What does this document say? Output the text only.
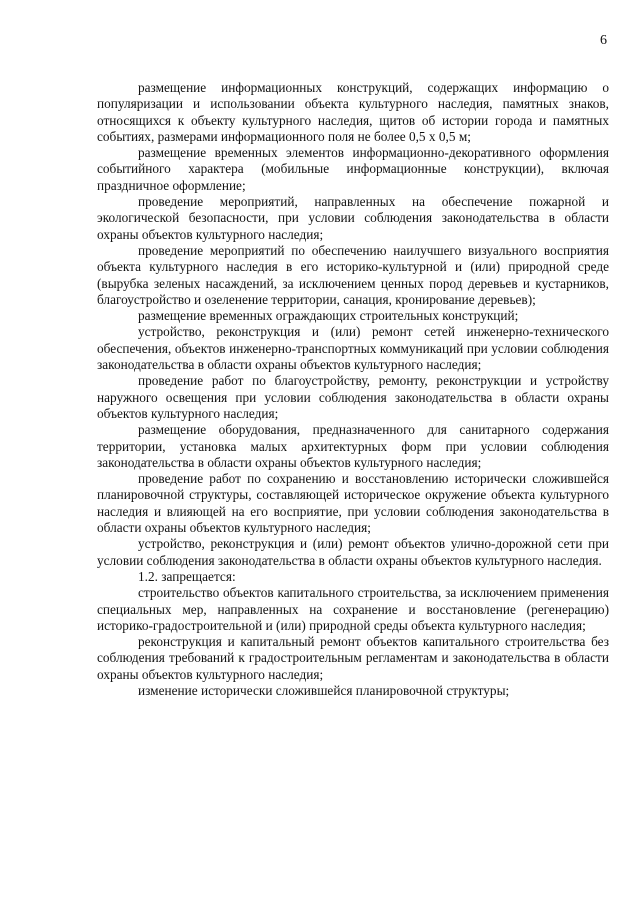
6

размещение информационных конструкций, содержащих информацию о популяризации и использовании объекта культурного наследия, памятных знаков, относящихся к объекту культурного наследия, щитов об истории города и памятных событиях, размерами информационного поля не более 0,5 х 0,5 м;

размещение временных элементов информационно-декоративного оформления событийного характера (мобильные информационные конструкции), включая праздничное оформление;

проведение мероприятий, направленных на обеспечение пожарной и экологической безопасности, при условии соблюдения законодательства в области охраны объектов культурного наследия;

проведение мероприятий по обеспечению наилучшего визуального восприятия объекта культурного наследия в его историко-культурной и (или) природной среде (вырубка зеленых насаждений, за исключением ценных пород деревьев и кустарников, благоустройство и озеленение территории, санация, кронирование деревьев);

размещение временных ограждающих строительных конструкций;

устройство, реконструкция и (или) ремонт сетей инженерно-технического обеспечения, объектов инженерно-транспортных коммуникаций при условии соблюдения законодательства в области охраны объектов культурного наследия;

проведение работ по благоустройству, ремонту, реконструкции и устройству наружного освещения при условии соблюдения законодательства в области охраны объектов культурного наследия;

размещение оборудования, предназначенного для санитарного содержания территории, установка малых архитектурных форм при условии соблюдения законодательства в области охраны объектов культурного наследия;

проведение работ по сохранению и восстановлению исторически сложившейся планировочной структуры, составляющей историческое окружение объекта культурного наследия и влияющей на его восприятие, при условии соблюдения законодательства в области охраны объектов культурного наследия;

устройство, реконструкция и (или) ремонт объектов улично-дорожной сети при условии соблюдения законодательства в области охраны объектов культурного наследия.

1.2. запрещается:

строительство объектов капитального строительства, за исключением применения специальных мер, направленных на сохранение и восстановление (регенерацию) историко-градостроительной и (или) природной среды объекта культурного наследия;

реконструкция и капитальный ремонт объектов капитального строительства без соблюдения требований к градостроительным регламентам и законодательства в области охраны объектов культурного наследия;

изменение исторически сложившейся планировочной структуры;
